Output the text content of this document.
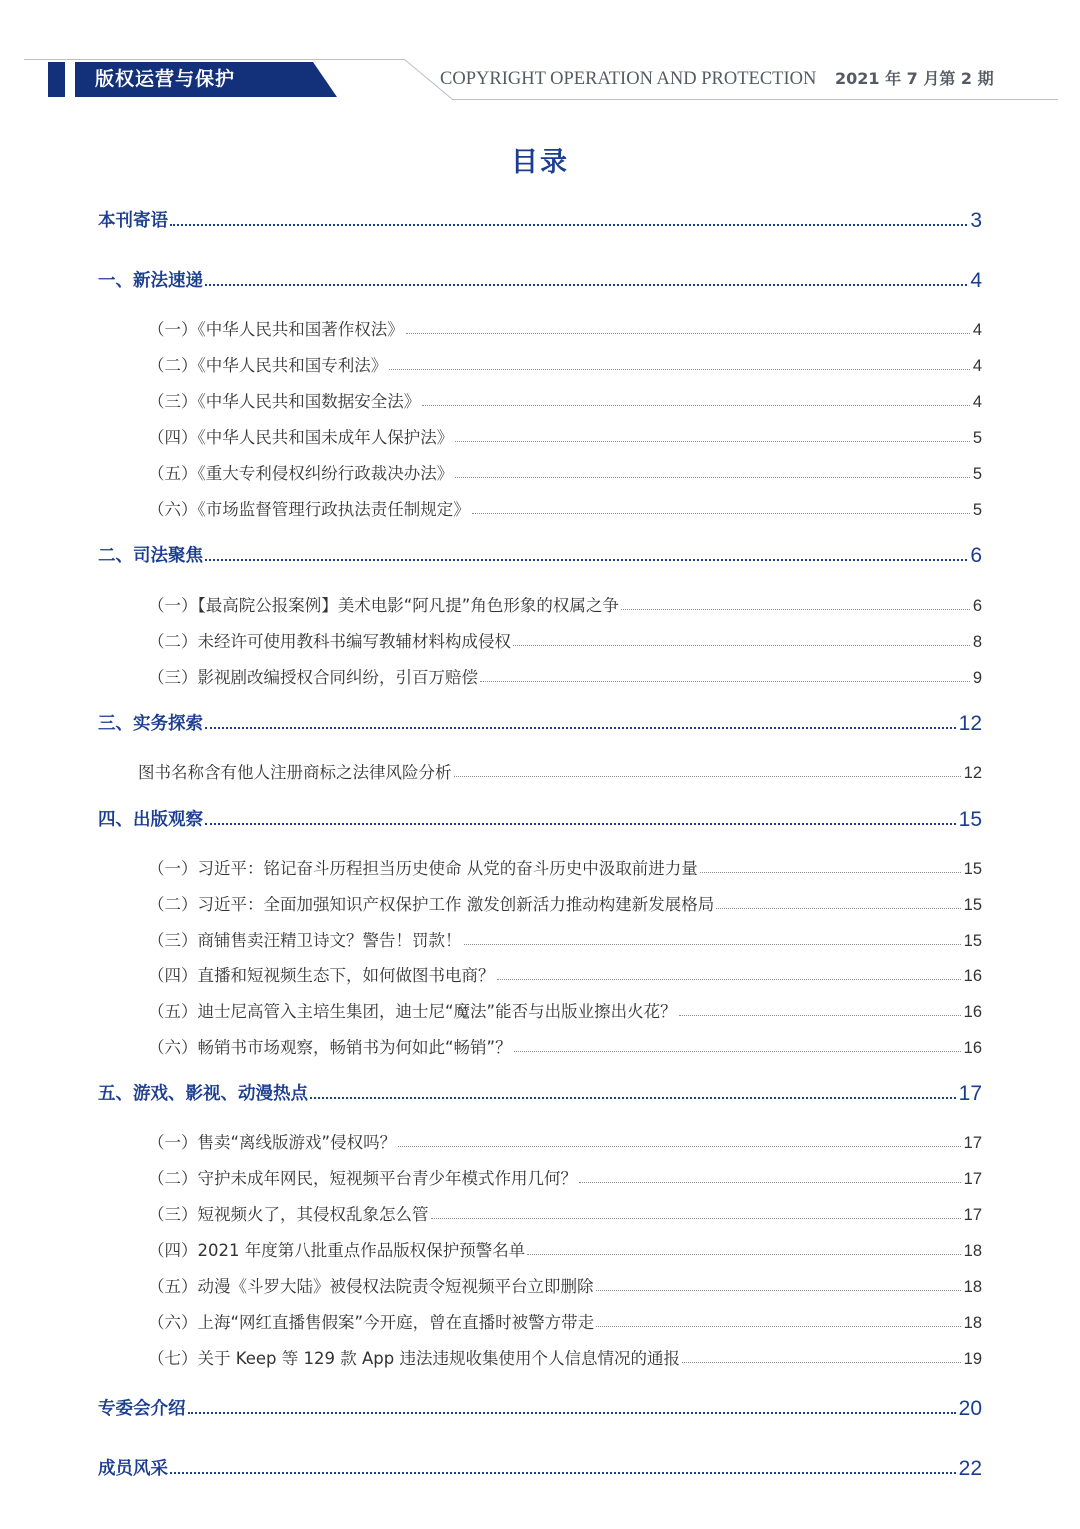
版权运营与保护	COPYRIGHT OPERATION AND PROTECTION 2021 年 7 月第 2 期
目录
本刊寄语	3
一、新法速递	4
（一）《中华人民共和国著作权法》	4
（二）《中华人民共和国专利法》	4
（三）《中华人民共和国数据安全法》	4
（四）《中华人民共和国未成年人保护法》	5
（五）《重大专利侵权纠纷行政裁决办法》	5
（六）《市场监督管理行政执法责任制规定》	5
二、司法聚焦	6
（一）【最高院公报案例】美术电影“阿凡提”角色形象的权属之争	6
（二）未经许可使用教科书编写教辅材料构成侵权	8
（三）影视剧改编授权合同纠纷，引百万赔偿	9
三、实务探索	12
图书名称含有他人注册商标之法律风险分析	12
四、出版观察	15
（一）习近平：铭记奋斗历程担当历史使命 从党的奋斗历史中汲取前进力量	15
（二）习近平：全面加强知识产权保护工作 激发创新活力推动构建新发展格局	15
（三）商铺售卖汪精卫诗文？警告！罚款！	15
（四）直播和短视频生态下，如何做图书电商？	16
（五）迪士尼高管入主培生集团，迪士尼“魔法”能否与出版业擦出火花？	16
（六）畅销书市场观察，畅销书为何如此“畅销”？	16
五、游戏、影视、动漫热点	17
（一）售卖“离线版游戏”侵权吗？	17
（二）守护未成年网民，短视频平台青少年模式作用几何？	17
（三）短视频火了，其侵权乱象怎么管	17
（四）2021 年度第八批重点作品版权保护预警名单	18
（五）动漫《斗罗大陆》被侵权法院责令短视频平台立即删除	18
（六）上海“网红直播售假案”今开庭，曾在直播时被警方带走	18
（七）关于 Keep 等 129 款 App 违法违规收集使用个人信息情况的通报	19
专委会介绍	20
成员风采	22
